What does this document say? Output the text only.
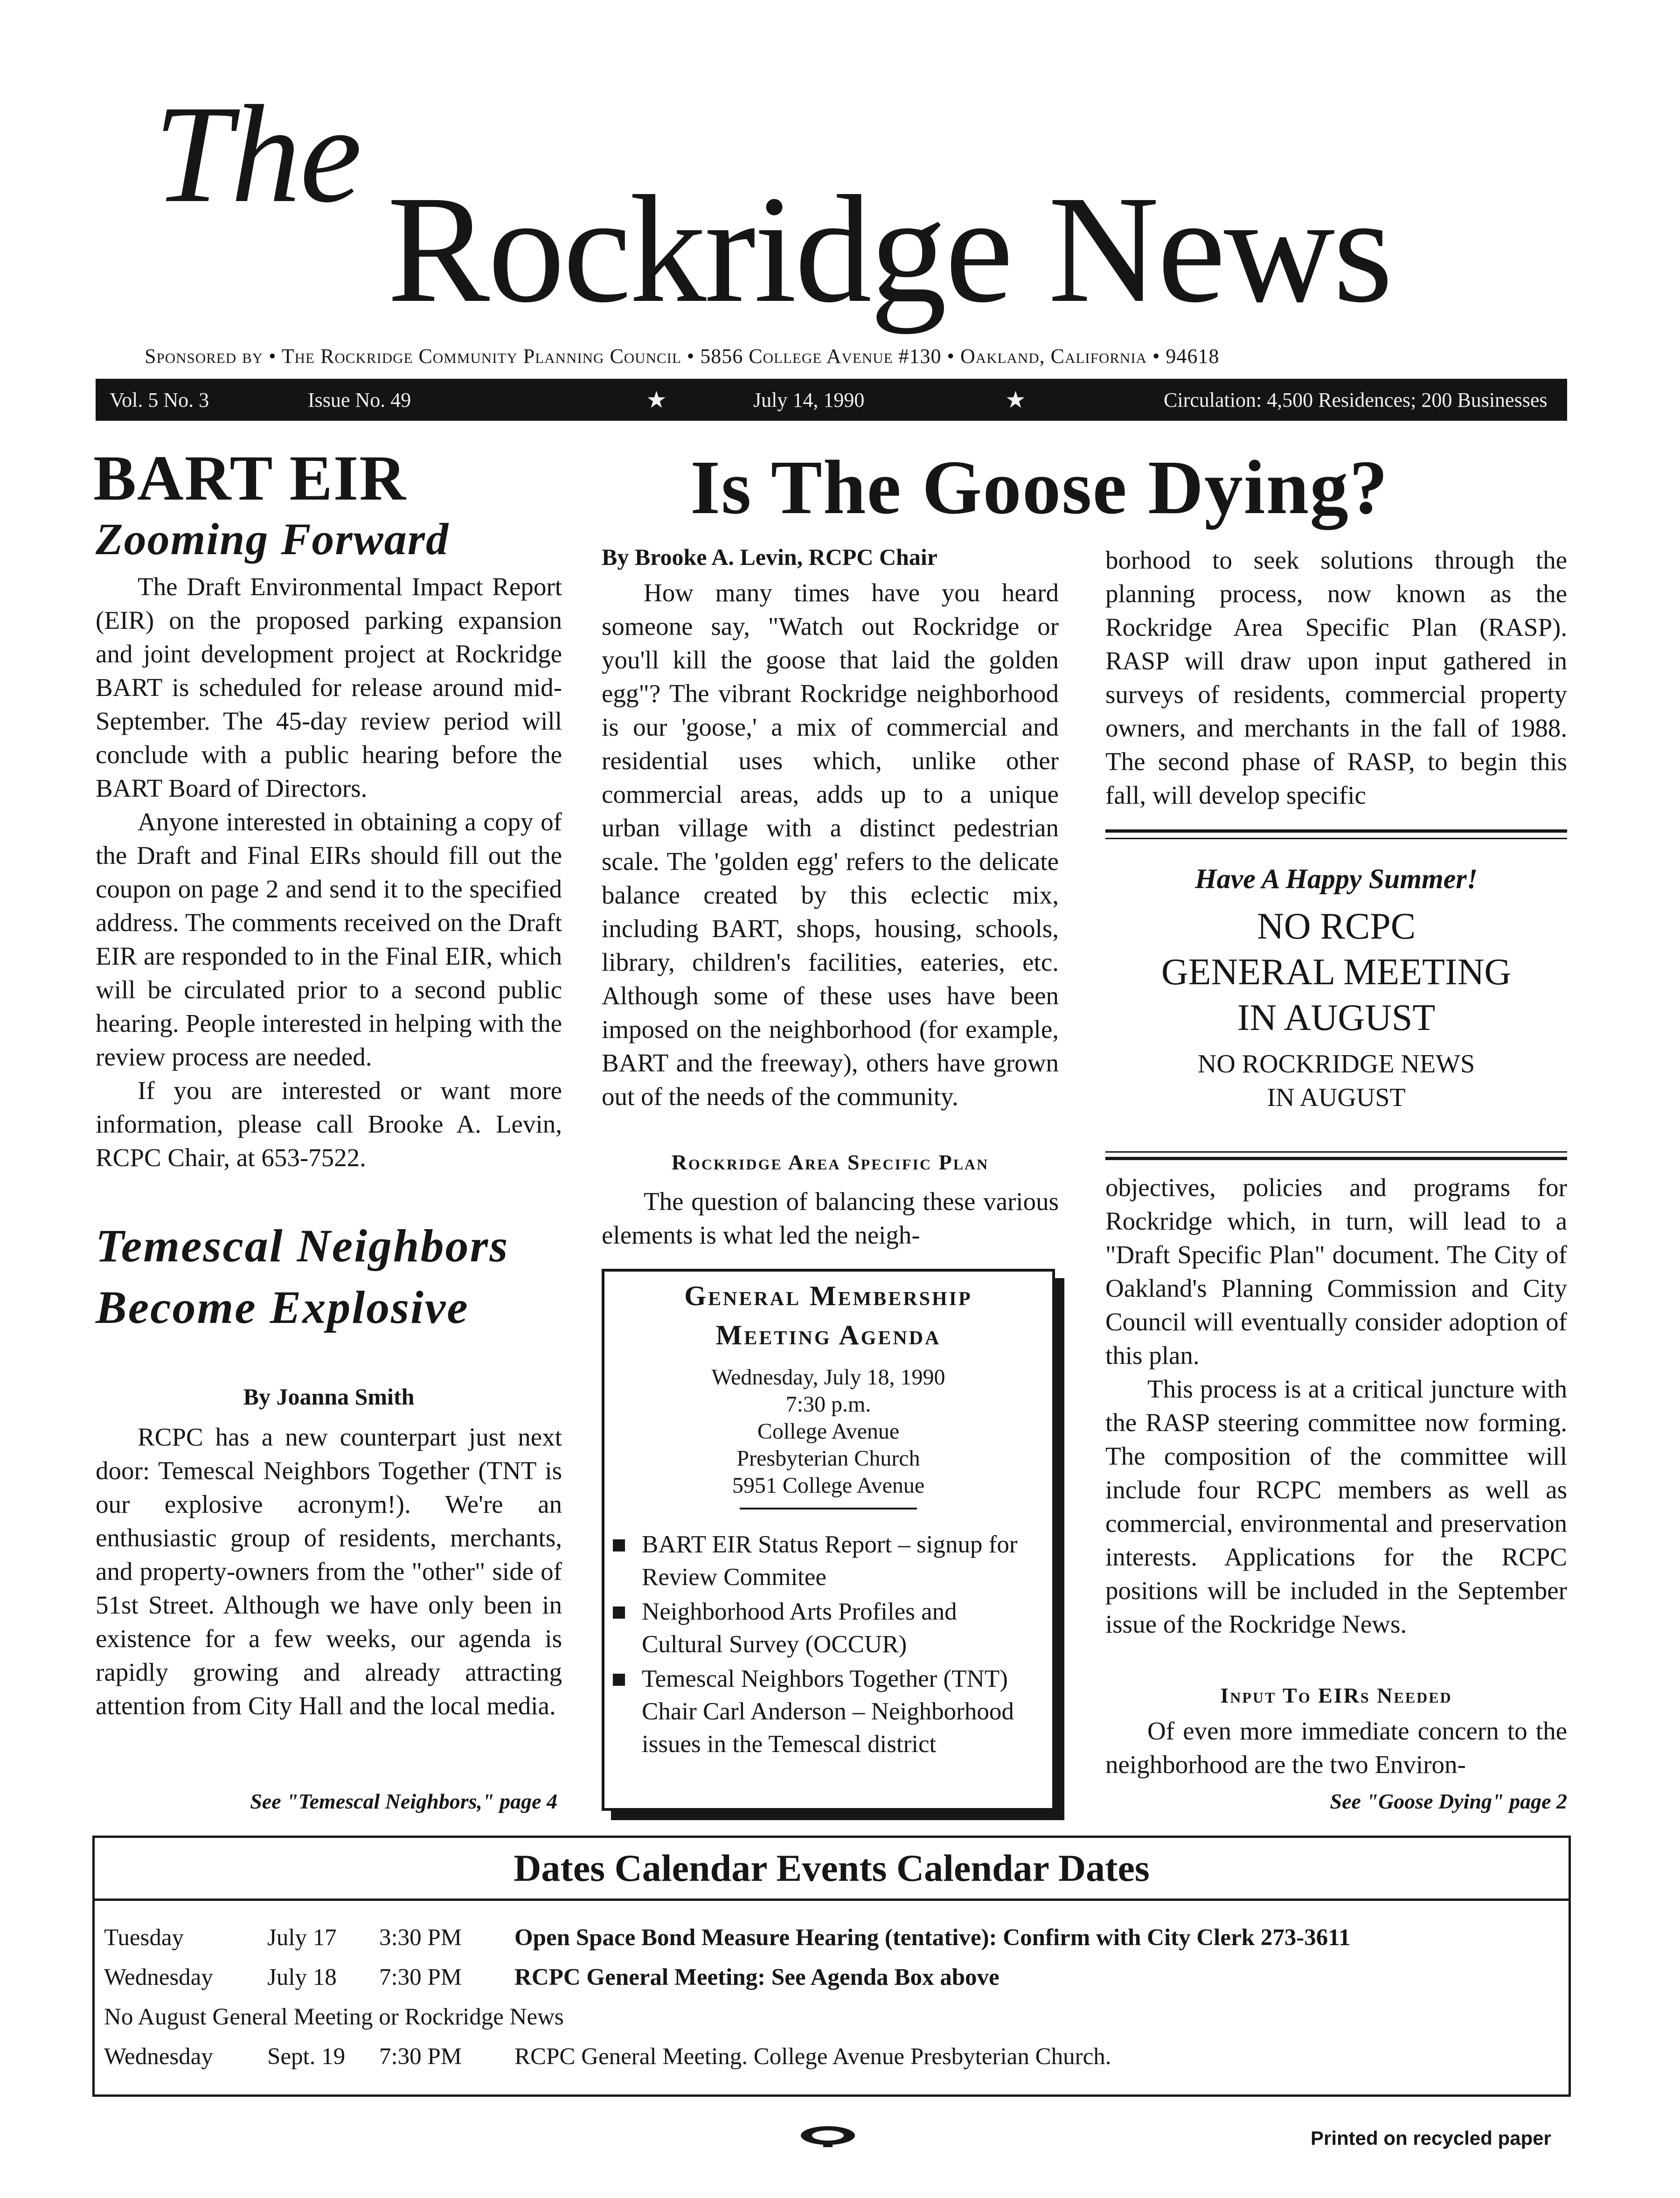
The
Rockridge News
Sponsored by • The Rockridge Community Planning Council • 5856 College Avenue #130 • Oakland, California • 94618
Vol. 5 No. 3	Issue No. 49	★	July 14, 1990	★	Circulation: 4,500 Residences; 200 Businesses
BART EIR
Zooming Forward

The Draft Environmental Impact Report (EIR) on the proposed parking expansion and joint development project at Rockridge BART is scheduled for release around mid-September. The 45-day review period will conclude with a public hearing before the BART Board of Directors.

Anyone interested in obtaining a copy of the Draft and Final EIRs should fill out the coupon on page 2 and send it to the specified address. The comments received on the Draft EIR are responded to in the Final EIR, which will be circulated prior to a second public hearing. People interested in helping with the review process are needed.

If you are interested or want more information, please call Brooke A. Levin, RCPC Chair, at 653-7522.

Temescal Neighbors Become Explosive
By Joanna Smith

RCPC has a new counterpart just next door: Temescal Neighbors Together (TNT is our explosive acronym!). We're an enthusiastic group of residents, merchants, and property-owners from the "other" side of 51st Street. Although we have only been in existence for a few weeks, our agenda is rapidly growing and already attracting attention from City Hall and the local media.

See "Temescal Neighbors," page 4
Is The Goose Dying?
By Brooke A. Levin, RCPC Chair

How many times have you heard someone say, "Watch out Rockridge or you'll kill the goose that laid the golden egg"? The vibrant Rockridge neighborhood is our 'goose,' a mix of commercial and residential uses which, unlike other commercial areas, adds up to a unique urban village with a distinct pedestrian scale. The 'golden egg' refers to the delicate balance created by this eclectic mix, including BART, shops, housing, schools, library, children's facilities, eateries, etc. Although some of these uses have been imposed on the neighborhood (for example, BART and the freeway), others have grown out of the needs of the community.

Rockridge Area Specific Plan

The question of balancing these various elements is what led the neigh-

General Membership
Meeting Agenda
Wednesday, July 18, 1990
7:30 p.m.
College Avenue
Presbyterian Church
5951 College Avenue
BART EIR Status Report – signup for Review Commitee
Neighborhood Arts Profiles and Cultural Survey (OCCUR)
Temescal Neighbors Together (TNT) Chair Carl Anderson – Neighborhood issues in the Temescal district

borhood to seek solutions through the planning process, now known as the Rockridge Area Specific Plan (RASP). RASP will draw upon input gathered in surveys of residents, commercial property owners, and merchants in the fall of 1988. The second phase of RASP, to begin this fall, will develop specific

Have A Happy Summer!
NO RCPC
GENERAL MEETING
IN AUGUST
NO ROCKRIDGE NEWS
IN AUGUST

objectives, policies and programs for Rockridge which, in turn, will lead to a "Draft Specific Plan" document. The City of Oakland's Planning Commission and City Council will eventually consider adoption of this plan.

This process is at a critical juncture with the RASP steering committee now forming. The composition of the committee will include four RCPC members as well as commercial, environmental and preservation interests. Applications for the RCPC positions will be included in the September issue of the Rockridge News.

Input To EIRs Needed

Of even more immediate concern to the neighborhood are the two Environ-

See "Goose Dying" page 2
Dates Calendar Events Calendar Dates
Tuesday	July 17 3:30 PM Open Space Bond Measure Hearing (tentative): Confirm with City Clerk 273-3611
Wednesday July 18 7:30 PM RCPC General Meeting: See Agenda Box above
No August General Meeting or Rockridge News
Wednesday Sept. 19 7:30 PM RCPC General Meeting. College Avenue Presbyterian Church.
Printed on recycled paper
